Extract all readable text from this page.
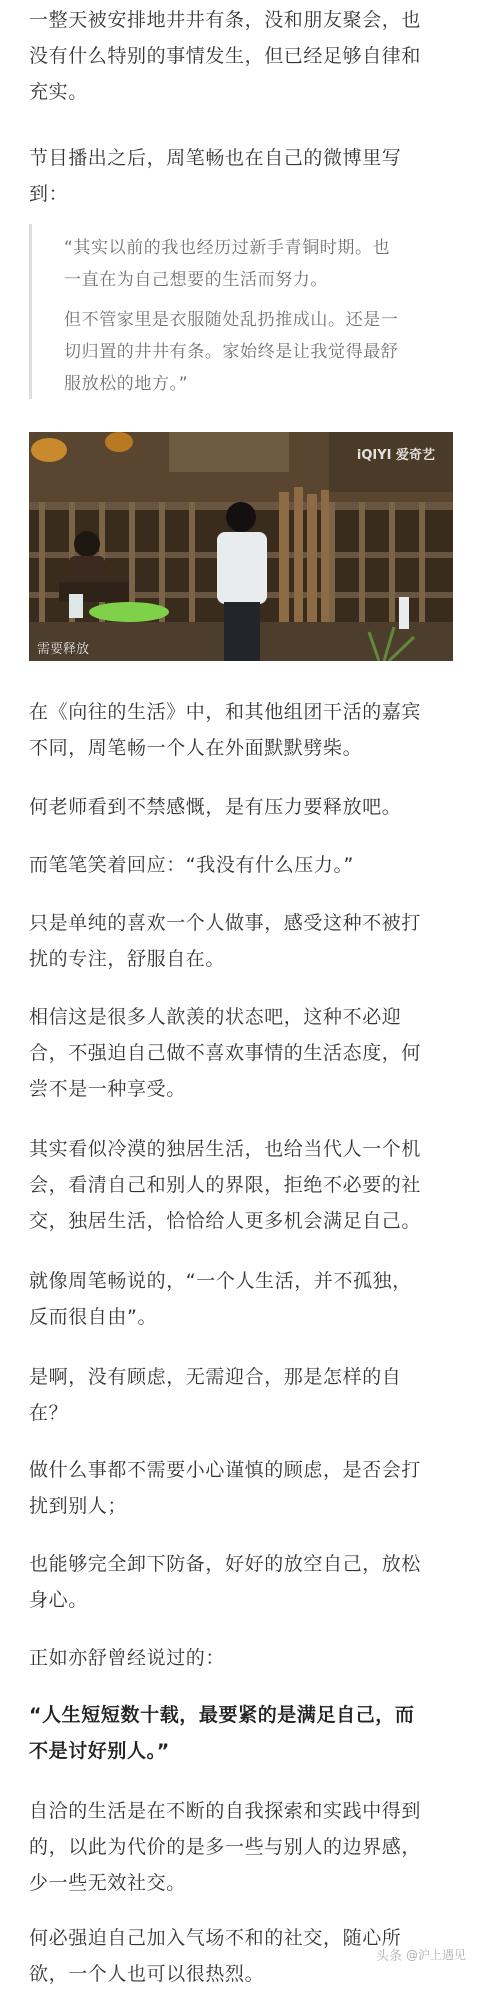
一整天被安排地井井有条，没和朋友聚会，也
没有什么特别的事情发生，但已经足够自律和
充实。

节目播出之后，周笔畅也在自己的微博里写
到：

“其实以前的我也经历过新手青铜时期。也
一直在为自己想要的生活而努力。

但不管家里是衣服随处乱扔推成山。还是一
切归置的井井有条。家始终是让我觉得最舒
服放松的地方。”

iQIYI 爱奇艺
需要释放

在《向往的生活》中，和其他组团干活的嘉宾
不同，周笔畅一个人在外面默默劈柴。

何老师看到不禁感慨，是有压力要释放吧。

而笔笔笑着回应：“我没有什么压力。”

只是单纯的喜欢一个人做事，感受这种不被打
扰的专注，舒服自在。

相信这是很多人歆羡的状态吧，这种不必迎
合，不强迫自己做不喜欢事情的生活态度，何
尝不是一种享受。

其实看似冷漠的独居生活，也给当代人一个机
会，看清自己和别人的界限，拒绝不必要的社
交，独居生活，恰恰给人更多机会满足自己。

就像周笔畅说的，“一个人生活，并不孤独，
反而很自由”。

是啊，没有顾虑，无需迎合，那是怎样的自
在？

做什么事都不需要小心谨慎的顾虑，是否会打
扰到别人；

也能够完全卸下防备，好好的放空自己，放松
身心。

正如亦舒曾经说过的：

“人生短短数十载，最要紧的是满足自己，而
不是讨好别人。”

自洽的生活是在不断的自我探索和实践中得到
的，以此为代价的是多一些与别人的边界感，
少一些无效社交。

何必强迫自己加入气场不和的社交，随心所
欲，一个人也可以很热烈。

头条 @沪上遇见
